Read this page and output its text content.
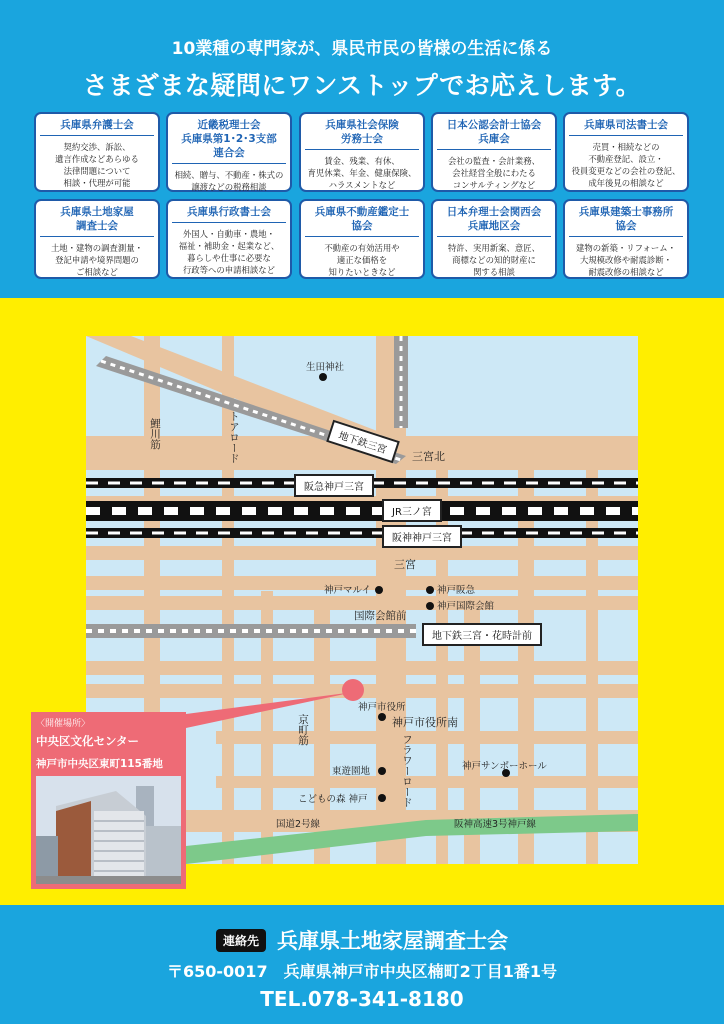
10業種の専門家が、県民市民の皆様の生活に係る
さまざまな疑問にワンストップでお応えします。
兵庫県弁護士会
契約交渉、訴訟、
遺言作成などあらゆる
法律問題について
相談・代理が可能
近畿税理士会
兵庫県第1･2･3支部
連合会
相続、贈与、不動産・株式の
譲渡などの税務相談
兵庫県社会保険
労務士会
賃金、残業、有休、
育児休業、年金、健康保険、
ハラスメントなど
日本公認会計士協会
兵庫会
会社の監査・会計業務、
会社経営全般にわたる
コンサルティングなど
兵庫県司法書士会
売買・相続などの
不動産登記、設立・
役員変更などの会社の登記、
成年後見の相談など
兵庫県土地家屋
調査士会
土地・建物の調査測量・
登記申請や境界問題の
ご相談など
兵庫県行政書士会
外国人・自動車・農地・
福祉・補助金・起業など、
暮らしや仕事に必要な
行政等への申請相談など
兵庫県不動産鑑定士
協会
不動産の有効活用や
適正な価格を
知りたいときなど
日本弁理士会関西会
兵庫地区会
特許、実用新案、意匠、
商標などの知的財産に
関する相談
兵庫県建築士事務所
協会
建物の新築・リフォーム・
大規模改修や耐震診断・
耐震改修の相談など
生田神社
地下鉄三宮
三宮北
阪急神戸三宮
JR三ノ宮
阪神神戸三宮
三宮
神戸マルイ	神戸阪急
神戸国際会館
国際会館前
地下鉄三宮・花時計前
神戸市役所
神戸市役所南
神戸サンボーホール
東遊園地
こどもの森 神戸
国道2号線	阪神高速3号神戸線
鯉川筋	トアロード
京町筋
フラワーロード
〈開催場所〉
中央区文化センター
神戸市中央区東町115番地
連絡先 兵庫県土地家屋調査士会
〒650-0017　兵庫県神戸市中央区楠町2丁目1番1号
TEL.078-341-8180
